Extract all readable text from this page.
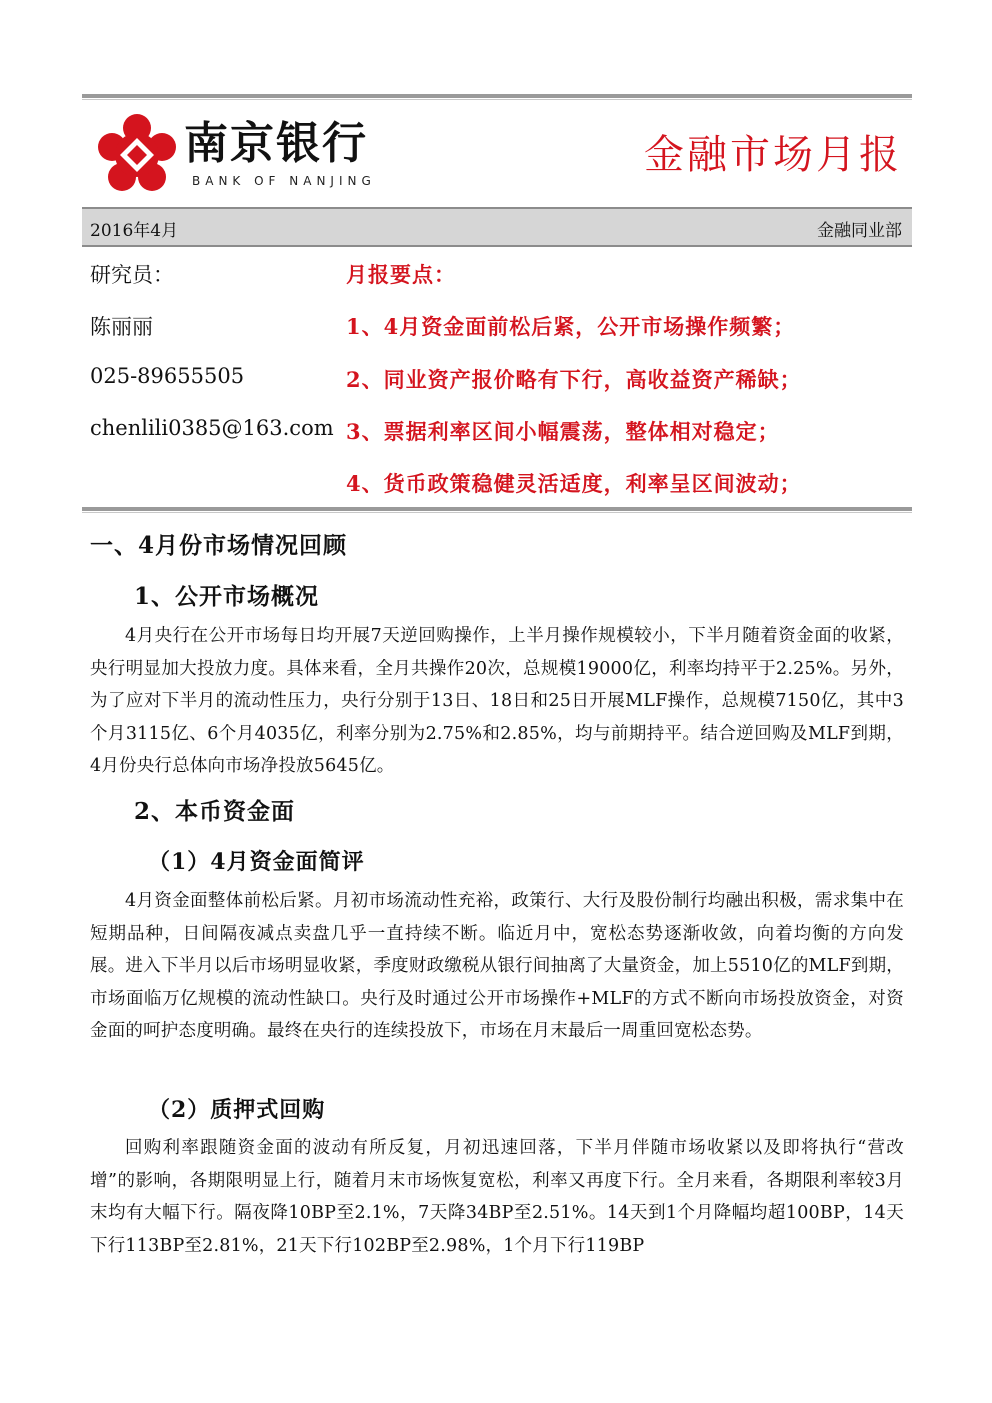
南京银行
BANK OF NANJING
金融市场月报
2016年4月	金融同业部
研究员：
陈丽丽
025-89655505
chenlili0385@163.com
月报要点：
1、4月资金面前松后紧，公开市场操作频繁；
2、同业资产报价略有下行，高收益资产稀缺；
3、票据利率区间小幅震荡，整体相对稳定；
4、货币政策稳健灵活适度，利率呈区间波动；
一、4月份市场情况回顾
1、公开市场概况
4月央行在公开市场每日均开展7天逆回购操作，上半月操作规模较小，下半月随着资金面的收紧，央行明显加大投放力度。具体来看，全月共操作20次，总规模19000亿，利率均持平于2.25%。另外，为了应对下半月的流动性压力，央行分别于13日、18日和25日开展MLF操作，总规模7150亿，其中3个月3115亿、6个月4035亿，利率分别为2.75%和2.85%，均与前期持平。结合逆回购及MLF到期，4月份央行总体向市场净投放5645亿。
2、本币资金面
（1）4月资金面简评
4月资金面整体前松后紧。月初市场流动性充裕，政策行、大行及股份制行均融出积极，需求集中在短期品种，日间隔夜减点卖盘几乎一直持续不断。临近月中，宽松态势逐渐收敛，向着均衡的方向发展。进入下半月以后市场明显收紧，季度财政缴税从银行间抽离了大量资金，加上5510亿的MLF到期，市场面临万亿规模的流动性缺口。央行及时通过公开市场操作+MLF的方式不断向市场投放资金，对资金面的呵护态度明确。最终在央行的连续投放下，市场在月末最后一周重回宽松态势。
（2）质押式回购
回购利率跟随资金面的波动有所反复，月初迅速回落，下半月伴随市场收紧以及即将执行“营改增”的影响，各期限明显上行，随着月末市场恢复宽松，利率又再度下行。全月来看，各期限利率较3月末均有大幅下行。隔夜降10BP至2.1%，7天降34BP至2.51%。14天到1个月降幅均超100BP，14天下行113BP至2.81%，21天下行102BP至2.98%，1个月下行119BP
